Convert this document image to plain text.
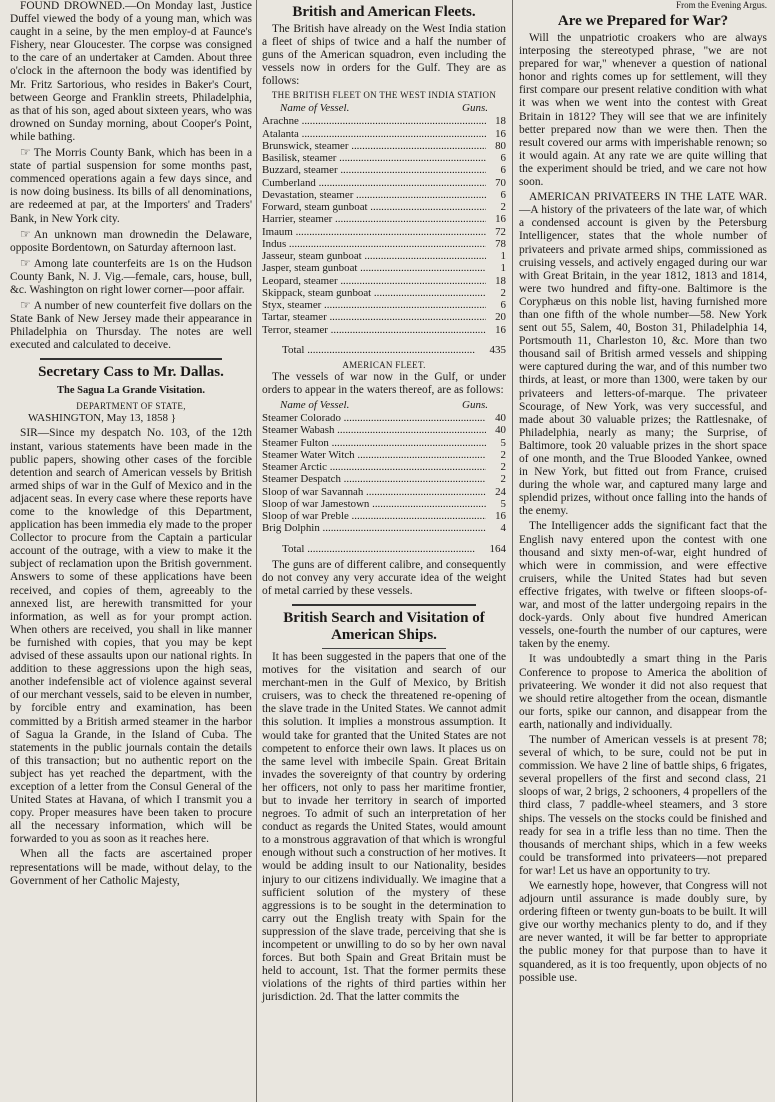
FOUND DROWNED.—On Monday last, Justice Duffel viewed the body of a young man, which was caught in a seine, by the men employ-d at Faunce's Fishery, near Gloucester. The corpse was consigned to the care of an undertaker at Camden. About three o'clock in the afternoon the body was identified by Mr. Fritz Sartorious, who resides in Baker's Court, between George and Franklin streets, Philadelphia, as that of his son, aged about sixteen years, who was drowned on Sunday morning, about Cooper's Point, while bathing.

☞ The Morris County Bank, which has been in a state of partial suspension for some months past, commenced operations again a few days since, and is now doing business. Its bills of all denominations, are redeemed at par, at the Importers' and Traders' Bank, in New York city.

☞ An unknown man drownedin the Delaware, opposite Bordentown, on Saturday afternoon last.

☞ Among late counterfeits are 1s on the Hudson County Bank, N. J. Vig.—female, cars, house, bull, &c. Washington on right lower corner—poor affair.

☞ A number of new counterfeit five dollars on the State Bank of New Jersey made their appearance in Philadelphia on Thursday. The notes are well executed and calculated to deceive.

Secretary Cass to Mr. Dallas.
The Sagua La Grande Visitation.
DEPARTMENT OF STATE,
WASHINGTON, May 13, 1858 }

SIR—Since my despatch No. 103, of the 12th instant, various statements have been made in the public papers, showing other cases of the forcible detention and search of American vessels by British armed ships of war in the Gulf of Mexico and in the adjacent seas. In every case where these reports have come to the knowledge of this Department, application has been immedia ely made to the proper Collector to procure from the Captain a particular account of the outrage, with a view to make it the subject of reclamation upon the British government. Answers to some of these applications have been received, and copies of them, agreeably to the annexed list, are herewith transmitted for your information, as well as for your prompt action. When others are received, you shall in like manner be furnished with copies, that you may be kept advised of these assaults upon our national rights. In addition to these aggressions upon the high seas, another indefensible act of violence against several of our merchant vessels, said to be eleven in number, by forcible entry and examination, has been committed by a British armed steamer in the harbor of Sagua la Grande, in the Island of Cuba. The statements in the public journals contain the details of this transaction; but no authentic report on the subject has yet reached the department, with the exception of a letter from the Consul General of the United States at Havana, of which I transmit you a copy. Proper measures have been taken to procure all the necessary information, which will be forwarded to you as soon as it reaches here.

When all the facts are ascertained proper representations will be made, without delay, to the Government of her Catholic Majesty,

British and American Fleets.

The British have already on the West India station a fleet of ships of twice and a half the number of guns of the American squadron, even including the vessels now in orders for the Gulf. They are as follows:

THE BRITISH FLEET ON THE WEST INDIA STATION
Name of Vessel.	Guns.
Arachne .....	18
Atalanta .....	16
Brunswick, steamer .....	80
Basilisk, steamer .....	6
Buzzard, steamer .....	6
Cumberland .....	70
Devastation, steamer .....	6
Forward, steam gunboat .....	2
Harrier, steamer .....	16
Imaum .....	72
Indus .....	78
Jasseur, steam gunboat .....	1
Jasper, steam gunboat .....	1
Leopard, steamer .....	18
Skippack, steam gunboat .....	2
Styx, steamer .....	6
Tartar, steamer .....	20
Terror, steamer .....	16
Total .....	435
AMERICAN FLEET.

The vessels of war now in the Gulf, or under orders to appear in the waters thereof, are as follows:

Name of Vessel.	Guns.
Steamer Colorado .....	40
Steamer Wabash .....	40
Steamer Fulton .....	5
Steamer Water Witch .....	2
Steamer Arctic .....	2
Steamer Despatch .....	2
Sloop of war Savannah .....	24
Sloop of war Jamestown .....	5
Sloop of war Preble .....	16
Brig Dolphin .....	4
Total .....	164

The guns are of different calibre, and consequently do not convey any very accurate idea of the weight of metal carried by these vessels.

British Search and Visitation of American Ships.

It has been suggested in the papers that one of the motives for the visitation and search of our merchant-men in the Gulf of Mexico, by British cruisers, was to check the threatened re-opening of the slave trade in the United States. We cannot admit this solution. It implies a monstrous assumption. It would take for granted that the United States are not competent to enforce their own laws. It places us on the same level with imbecile Spain. Great Britain invades the sovereignty of that country by ordering her officers, not only to pass her maritime frontier, but to invade her territory in search of imported negroes. To admit of such an interpretation of her conduct as regards the United States, would amount to a monstrous aggravation of that which is wrongful enough without such a construction of her motives. It would be adding insult to our Nationality, besides injury to our citizens individually. We imagine that a sufficient solution of the mystery of these aggressions is to be sought in the determination to carry out the English treaty with Spain for the suppression of the slave trade, perceiving that she is incompetent or unwilling to do so by her own naval forces. But both Spain and Great Britain must be held to account, 1st. That the former permits these violations of the rights of third parties within her jurisdiction. 2d. That the latter commits the

From the Evening Argus.
Are we Prepared for War?

Will the unpatriotic croakers who are always interposing the stereotyped phrase, "we are not prepared for war," whenever a question of national honor and rights comes up for settlement, will they first compare our present relative condition with what it was when we went into the contest with Great Britain in 1812? They will see that we are infinitely better prepared now than we were then. Then the result covered our arms with imperishable renown; so it would again. At any rate we are quite willing that the experiment should be tried, and we care not how soon.

AMERICAN PRIVATEERS IN THE LATE WAR.—A history of the privateers of the late war, of which a condensed account is given by the Petersburg Intelligencer, states that the whole number of privateers and private armed ships, commissioned as cruising vessels, and actively engaged during our war with Great Britain, in the year 1812, 1813 and 1814, were two hundred and fifty-one. Baltimore is the Coryphæus on this noble list, having furnished more than one fifth of the whole number—58. New York sent out 55, Salem, 40, Boston 31, Philadelphia 14, Portsmouth 11, Charleston 10, &c. More than two thousand sail of British armed vessels and shipping were captured during the war, and of this number two thirds, at least, or more than 1300, were taken by our privateers and letters-of-marque. The privateer Scourage, of New York, was very successful, and made about 30 valuable prizes; the Rattlesnake, of Philadelphia, nearly as many; the Surprise, of Baltimore, took 20 valuable prizes in the short space of one month, and the True Blooded Yankee, owned in New York, but fitted out from France, cruised during the whole war, and captured many large and splendid prizes, without once falling into the hands of the enemy.

The Intelligencer adds the significant fact that the English navy entered upon the contest with one thousand and sixty men-of-war, eight hundred of which were in commission, and were effective cruisers, while the United States had but seven effective frigates, with twelve or fifteen sloops-of-war, and most of the latter undergoing repairs in the dock-yards. Only about five hundred American vessels, one-fourth the number of our captures, were taken by the enemy.

It was undoubtedly a smart thing in the Paris Conference to propose to America the abolition of privateering. We wonder it did not also request that we should retire altogether from the ocean, dismantle our forts, spike our cannon, and disappear from the earth, nationally and individually.

The number of American vessels is at present 78; several of which, to be sure, could not be put in commission. We have 2 line of battle ships, 6 frigates, several propellers of the first and second class, 21 sloops of war, 2 brigs, 2 schooners, 4 propellers of the third class, 7 paddle-wheel steamers, and 3 store ships. The vessels on the stocks could be finished and ready for sea in a trifle less than no time. Then the thousands of merchant ships, which in a few weeks could be transformed into privateers—not prepared for war! Let us have an opportunity to try.

We earnestly hope, however, that Congress will not adjourn until assurance is made doubly sure, by ordering fifteen or twenty gun-boats to be built. It will give our worthy mechanics plenty to do, and if they are never wanted, it will be far better to appropriate the public money for that purpose than to have it squandered, as it is too frequently, upon objects of no possible use.
